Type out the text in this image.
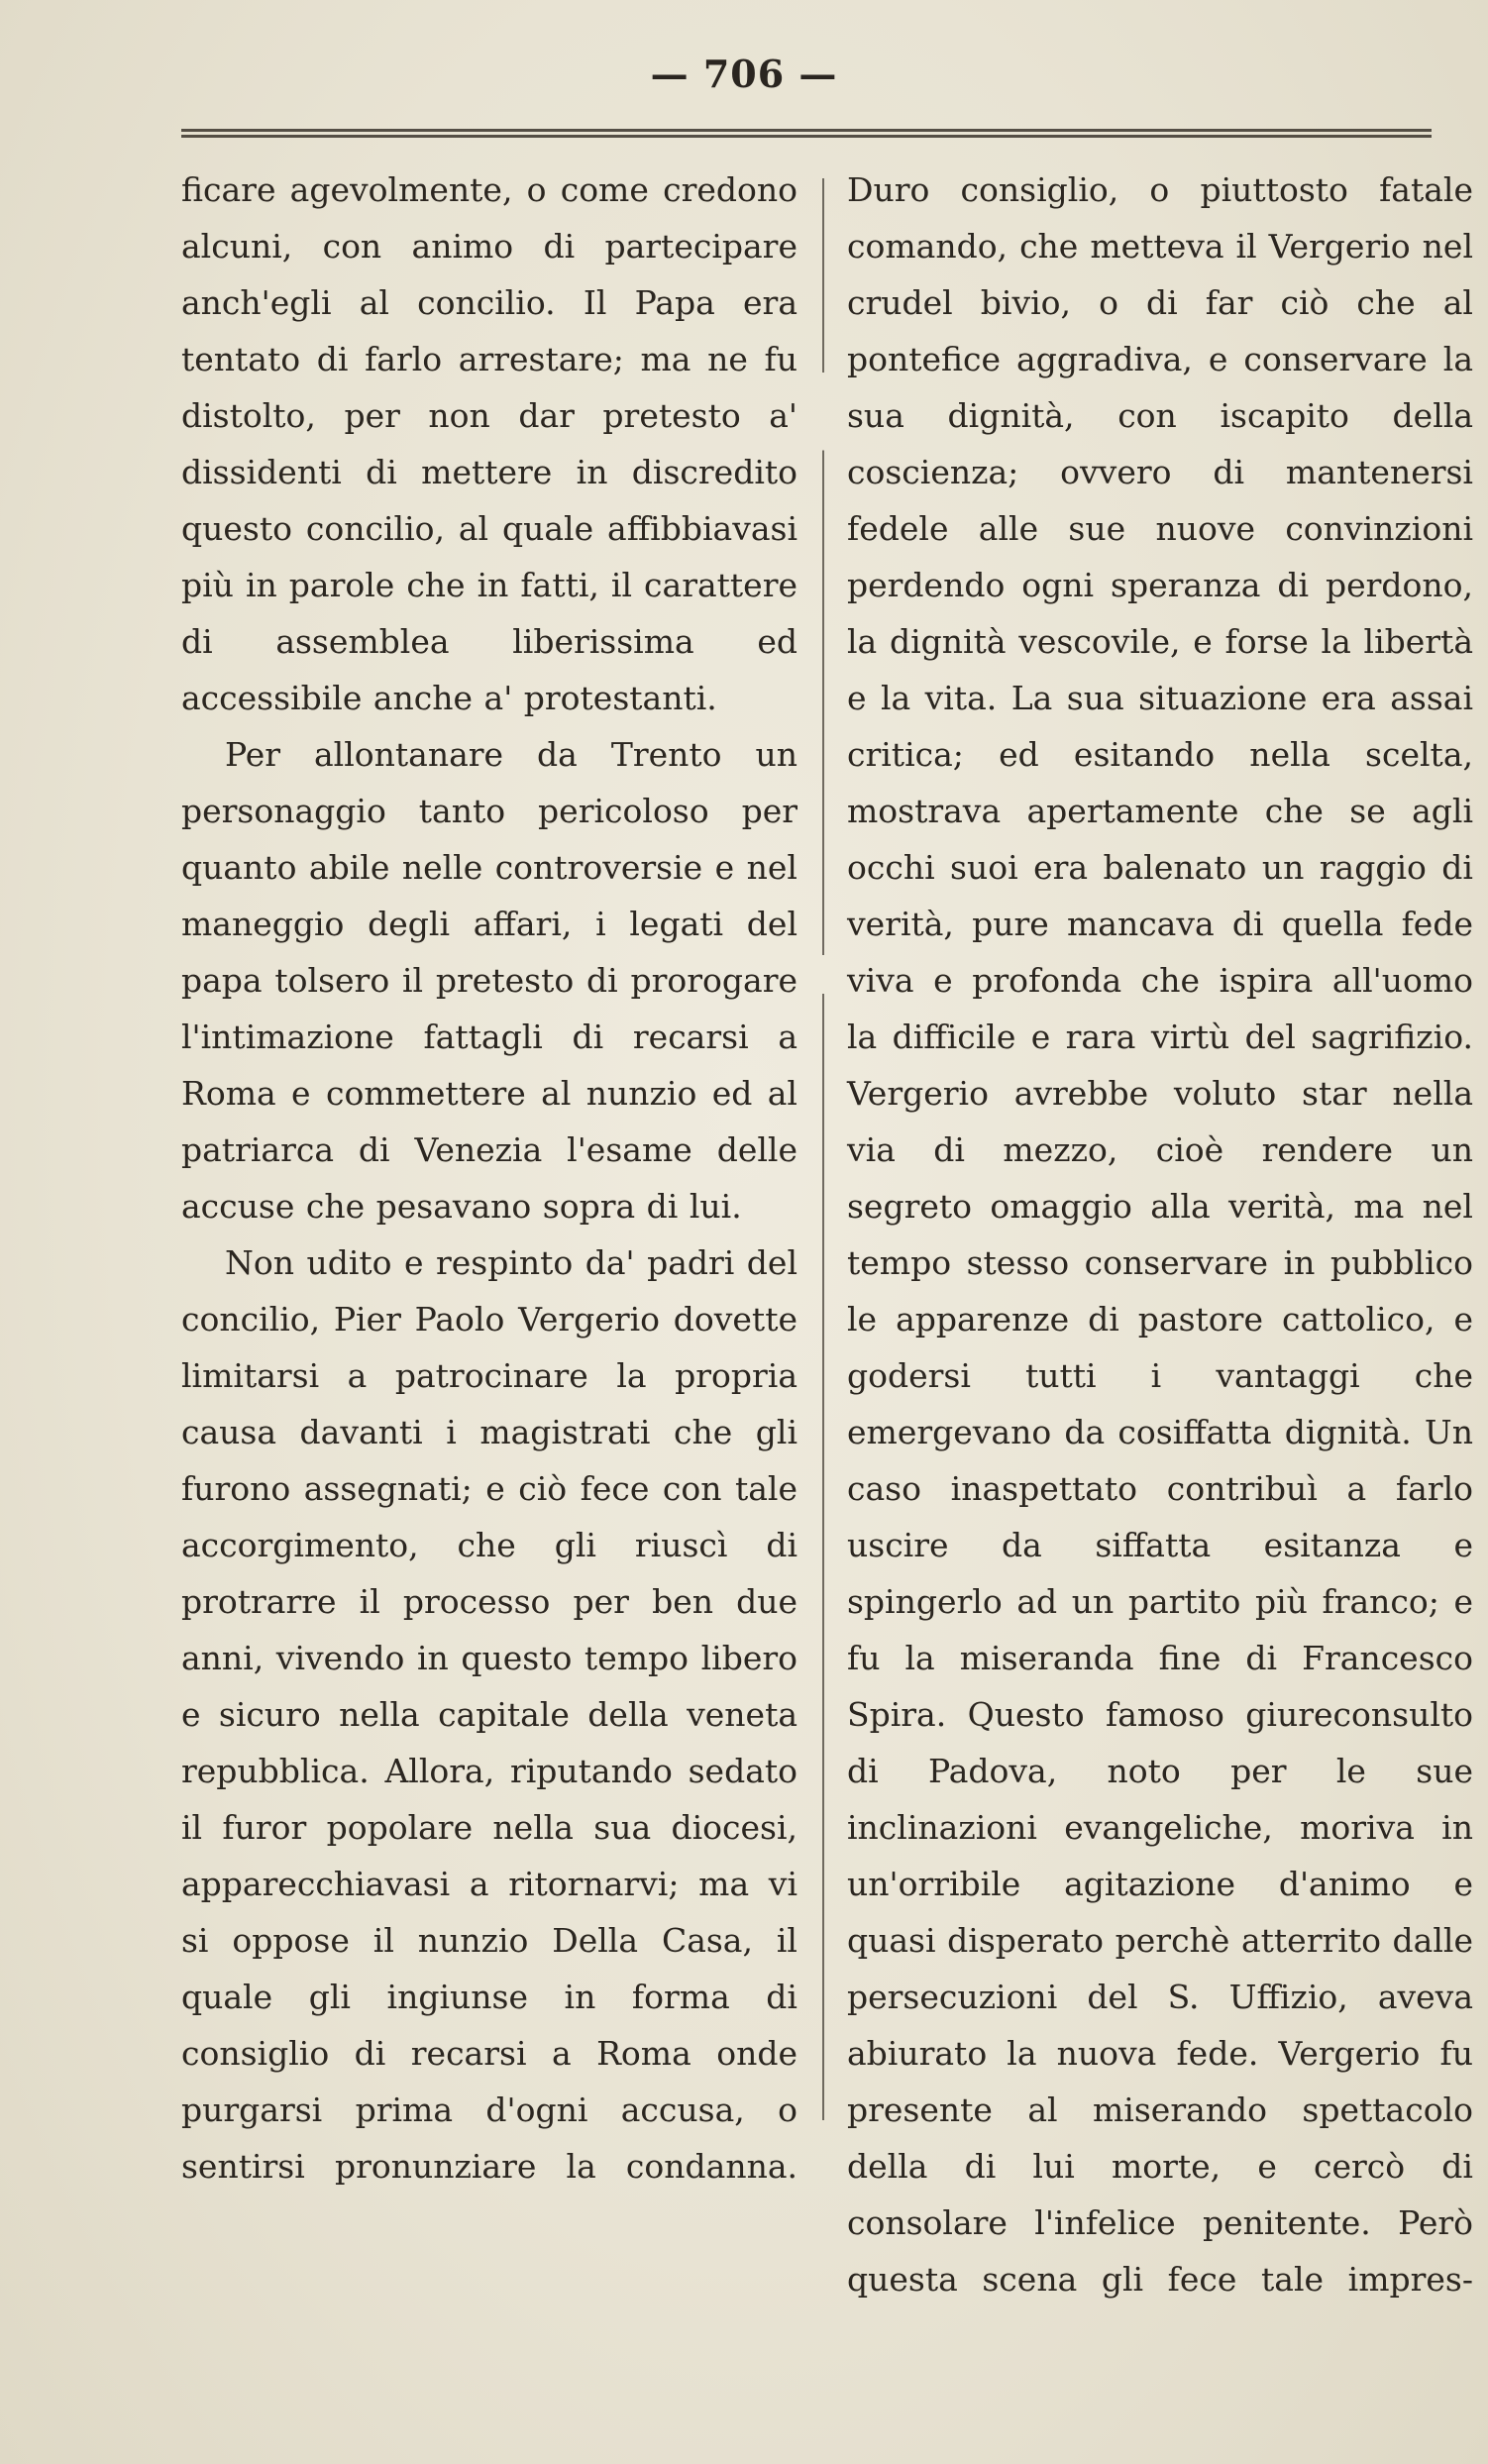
— 706 —

ficare agevolmente, o come credono alcuni, con animo di partecipare anch'egli al concilio. Il Papa era tentato di farlo arrestare; ma ne fu distolto, per non dar pretesto a' dissidenti di mettere in discredito questo concilio, al quale affibbiavasi più in parole che in fatti, il carattere di assemblea liberissima ed accessibile anche a' protestanti.

Per allontanare da Trento un personaggio tanto pericoloso per quanto abile nelle controversie e nel maneggio degli affari, i legati del papa tolsero il pretesto di prorogare l'intimazione fattagli di recarsi a Roma e commettere al nunzio ed al patriarca di Venezia l'esame delle accuse che pesavano sopra di lui.

Non udito e respinto da' padri del concilio, Pier Paolo Vergerio dovette limitarsi a patrocinare la propria causa davanti i magistrati che gli furono assegnati; e ciò fece con tale accorgimento, che gli riuscì di protrarre il processo per ben due anni, vivendo in questo tempo libero e sicuro nella capitale della veneta repubblica. Allora, riputando sedato il furor popolare nella sua diocesi, apparecchiavasi a ritornarvi; ma vi si oppose il nunzio Della Casa, il quale gli ingiunse in forma di consiglio di recarsi a Roma onde purgarsi prima d'ogni accusa, o sentirsi pronunziare la condanna.

Duro consiglio, o piuttosto fatale comando, che metteva il Vergerio nel crudel bivio, o di far ciò che al pontefice aggradiva, e conservare la sua dignità, con iscapito della coscienza; ovvero di mantenersi fedele alle sue nuove convinzioni perdendo ogni speranza di perdono, la dignità vescovile, e forse la libertà e la vita. La sua situazione era assai critica; ed esitando nella scelta, mostrava apertamente che se agli occhi suoi era balenato un raggio di verità, pure mancava di quella fede viva e profonda che ispira all'uomo la difficile e rara virtù del sagrifizio. Vergerio avrebbe voluto star nella via di mezzo, cioè rendere un segreto omaggio alla verità, ma nel tempo stesso conservare in pubblico le apparenze di pastore cattolico, e godersi tutti i vantaggi che emergevano da cosiffatta dignità. Un caso inaspettato contribuì a farlo uscire da siffatta esitanza e spingerlo ad un partito più franco; e fu la miseranda fine di Francesco Spira. Questo famoso giureconsulto di Padova, noto per le sue inclinazioni evangeliche, moriva in un'orribile agitazione d'animo e quasi disperato perchè atterrito dalle persecuzioni del S. Uffizio, aveva abiurato la nuova fede. Vergerio fu presente al miserando spettacolo della di lui morte, e cercò di consolare l'infelice penitente. Però questa scena gli fece tale impres-
